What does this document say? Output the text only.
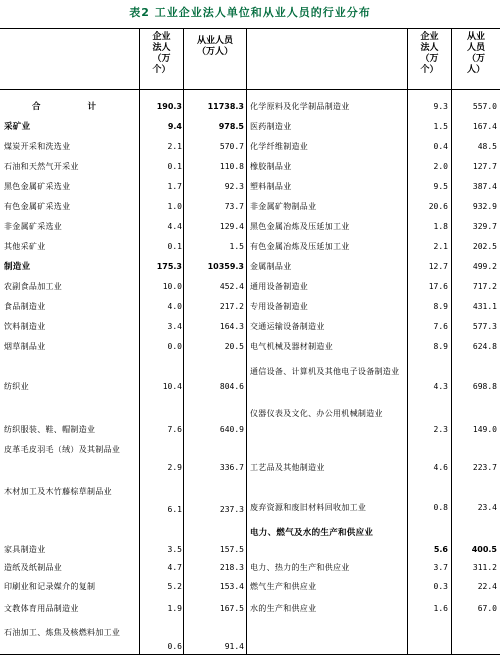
表2 工业企业法人单位和从业人员的行业分布
企业
法人
（万
个）
从业人员
（万人）
企业
法人
（万
个）
从业
人员
（万
人）
合 计	190.3	11738.3
采矿业	9.4	978.5
煤炭开采和洗选业	2.1	570.7
石油和天然气开采业	0.1	110.8
黑色金属矿采选业	1.7	92.3
有色金属矿采选业	1.0	73.7
非金属矿采选业	4.4	129.4
其他采矿业	0.1	1.5
制造业	175.3	10359.3
农副食品加工业	10.0	452.4
食品制造业	4.0	217.2
饮料制造业	3.4	164.3
烟草制品业	0.0	20.5
纺织业	10.4	804.6
纺织服装、鞋、帽制造业	7.6	640.9
皮革毛皮羽毛（绒）及其制品业
2.9	336.7
木材加工及木竹藤棕草制品业
6.1	237.3
家具制造业	3.5	157.5
造纸及纸制品业	4.7	218.3
印刷业和记录媒介的复制	5.2	153.4
文教体育用品制造业	1.9	167.5
石油加工、炼焦及核燃料加工业
0.6	91.4
化学原料及化学制品制造业	9.3	557.0
医药制造业	1.5	167.4
化学纤维制造业	0.4	48.5
橡胶制品业	2.0	127.7
塑料制品业	9.5	387.4
非金属矿物制品业	20.6	932.9
黑色金属冶炼及压延加工业	1.8	329.7
有色金属冶炼及压延加工业	2.1	202.5
金属制品业	12.7	499.2
通用设备制造业	17.6	717.2
专用设备制造业	8.9	431.1
交通运输设备制造业	7.6	577.3
电气机械及器材制造业	8.9	624.8
通信设备、计算机及其他电子设备制造业
4.3	698.8
仪器仪表及文化、办公用机械制造业
2.3	149.0
工艺品及其他制造业	4.6	223.7
废弃资源和废旧材料回收加工业	0.8	23.4
电力、燃气及水的生产和供应业
5.6	400.5
电力、热力的生产和供应业	3.7	311.2
燃气生产和供应业	0.3	22.4
水的生产和供应业	1.6	67.0
